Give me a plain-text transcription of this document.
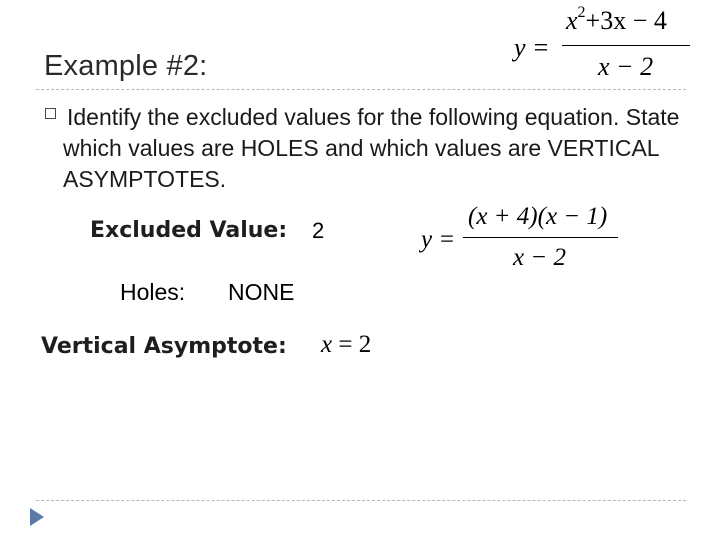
Example #2:
y =
$x^2+3x - 4$
x − 2
Identify the excluded values for the following equation. State which values are HOLES and which values are VERTICAL ASYMPTOTES.
Excluded Value: 2	y =
(x + 4)(x − 1)
x − 2
Holes: NONE
Vertical Asymptote: x = 2
